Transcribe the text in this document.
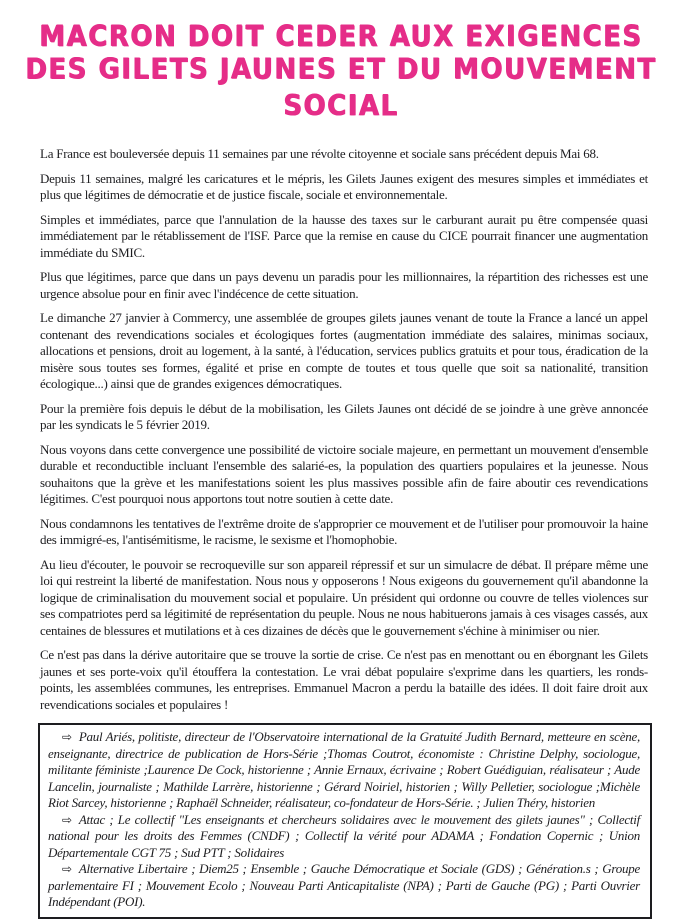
MACRON DOIT CEDER AUX EXIGENCES
DES GILETS JAUNES ET DU MOUVEMENT SOCIAL

La France est bouleversée depuis 11 semaines par une révolte citoyenne et sociale sans précédent depuis Mai 68.

Depuis 11 semaines, malgré les caricatures et le mépris, les Gilets Jaunes exigent des mesures simples et immédiates et plus que légitimes de démocratie et de justice fiscale, sociale et environnementale.

Simples et immédiates, parce que l'annulation de la hausse des taxes sur le carburant aurait pu être compensée quasi immédiatement par le rétablissement de l'ISF. Parce que la remise en cause du CICE pourrait financer une augmentation immédiate du SMIC.

Plus que légitimes, parce que dans un pays devenu un paradis pour les millionnaires, la répartition des richesses est une urgence absolue pour en finir avec l'indécence de cette situation.

Le dimanche 27 janvier à Commercy, une assemblée de groupes gilets jaunes venant de toute la France a lancé un appel contenant des revendications sociales et écologiques fortes (augmentation immédiate des salaires, minimas sociaux, allocations et pensions, droit au logement, à la santé, à l'éducation, services publics gratuits et pour tous, éradication de la misère sous toutes ses formes, égalité et prise en compte de toutes et tous quelle que soit sa nationalité, transition écologique...) ainsi que de grandes exigences démocratiques.

Pour la première fois depuis le début de la mobilisation, les Gilets Jaunes ont décidé de se joindre à une grève annoncée par les syndicats le 5 février 2019.

Nous voyons dans cette convergence une possibilité de victoire sociale majeure, en permettant un mouvement d'ensemble durable et reconductible incluant l'ensemble des salarié-es, la population des quartiers populaires et la jeunesse. Nous souhaitons que la grève et les manifestations soient les plus massives possible afin de faire aboutir ces revendications légitimes. C'est pourquoi nous apportons tout notre soutien à cette date.

Nous condamnons les tentatives de l'extrême droite de s'approprier ce mouvement et de l'utiliser pour promouvoir la haine des immigré-es, l'antisémitisme, le racisme, le sexisme et l'homophobie.

Au lieu d'écouter, le pouvoir se recroqueville sur son appareil répressif et sur un simulacre de débat. Il prépare même une loi qui restreint la liberté de manifestation. Nous nous y opposerons ! Nous exigeons du gouvernement qu'il abandonne la logique de criminalisation du mouvement social et populaire. Un président qui ordonne ou couvre de telles violences sur ses compatriotes perd sa légitimité de représentation du peuple. Nous ne nous habituerons jamais à ces visages cassés, aux centaines de blessures et mutilations et à ces dizaines de décès que le gouvernement s'échine à minimiser ou nier.

Ce n'est pas dans la dérive autoritaire que se trouve la sortie de crise. Ce n'est pas en menottant ou en éborgnant les Gilets jaunes et ses porte-voix qu'il étouffera la contestation. Le vrai débat populaire s'exprime dans les quartiers, les ronds-points, les assemblées communes, les entreprises. Emmanuel Macron a perdu la bataille des idées. Il doit faire droit aux revendications sociales et populaires !

⇨ Paul Ariés, politiste, directeur de l'Observatoire international de la Gratuité Judith Bernard, metteure en scène, enseignante, directrice de publication de Hors-Série ;Thomas Coutrot, économiste : Christine Delphy, sociologue, militante féministe ;Laurence De Cock, historienne ; Annie Ernaux, écrivaine ; Robert Guédiguian, réalisateur ; Aude Lancelin, journaliste ; Mathilde Larrère, historienne ; Gérard Noiriel, historien ; Willy Pelletier, sociologue ;Michèle Riot Sarcey, historienne ; Raphaël Schneider, réalisateur, co-fondateur de Hors-Série. ; Julien Théry, historien

⇨ Attac ; Le collectif "Les enseignants et chercheurs solidaires avec le mouvement des gilets jaunes" ; Collectif national pour les droits des Femmes (CNDF) ; Collectif la vérité pour ADAMA ; Fondation Copernic ; Union Départementale CGT 75 ; Sud PTT ; Solidaires

⇨ Alternative Libertaire ; Diem25 ; Ensemble ; Gauche Démocratique et Sociale (GDS) ; Génération.s ; Groupe parlementaire FI ; Mouvement Ecolo ; Nouveau Parti Anticapitaliste (NPA) ; Parti de Gauche (PG) ; Parti Ouvrier Indépendant (POI).
